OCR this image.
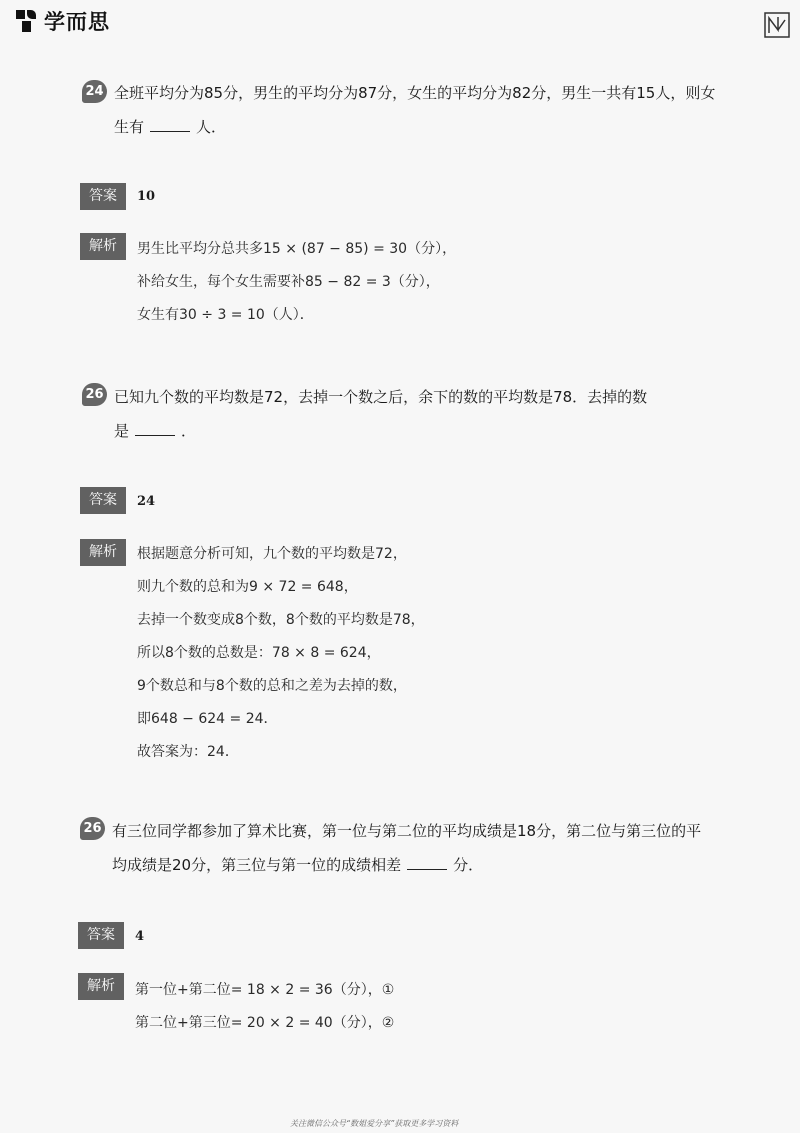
学而思
24 全班平均分为85分，男生的平均分为87分，女生的平均分为82分，男生一共有15人，则女
生有	人．
答案	10
解析	男生比平均分总共多15 × (87 − 85) = 30（分），
补给女生，每个女生需要补85 − 82 = 3（分），
女生有30 ÷ 3 = 10（人）．
26 已知九个数的平均数是72，去掉一个数之后，余下的数的平均数是78．去掉的数
是	．
答案	24
解析	根据题意分析可知，九个数的平均数是72，
则九个数的总和为9 × 72 = 648，
去掉一个数变成8个数，8个数的平均数是78，
所以8个数的总数是：78 × 8 = 624，
9个数总和与8个数的总和之差为去掉的数，
即648 − 624 = 24．
故答案为：24．
26 有三位同学都参加了算术比赛，第一位与第二位的平均成绩是18分，第二位与第三位的平
均成绩是20分，第三位与第一位的成绩相差	分．
答案	4
解析	第一位+第二位= 18 × 2 = 36（分），①
第二位+第三位= 20 × 2 = 40（分），②
关注微信公众号“数姐爱分享”获取更多学习资料
